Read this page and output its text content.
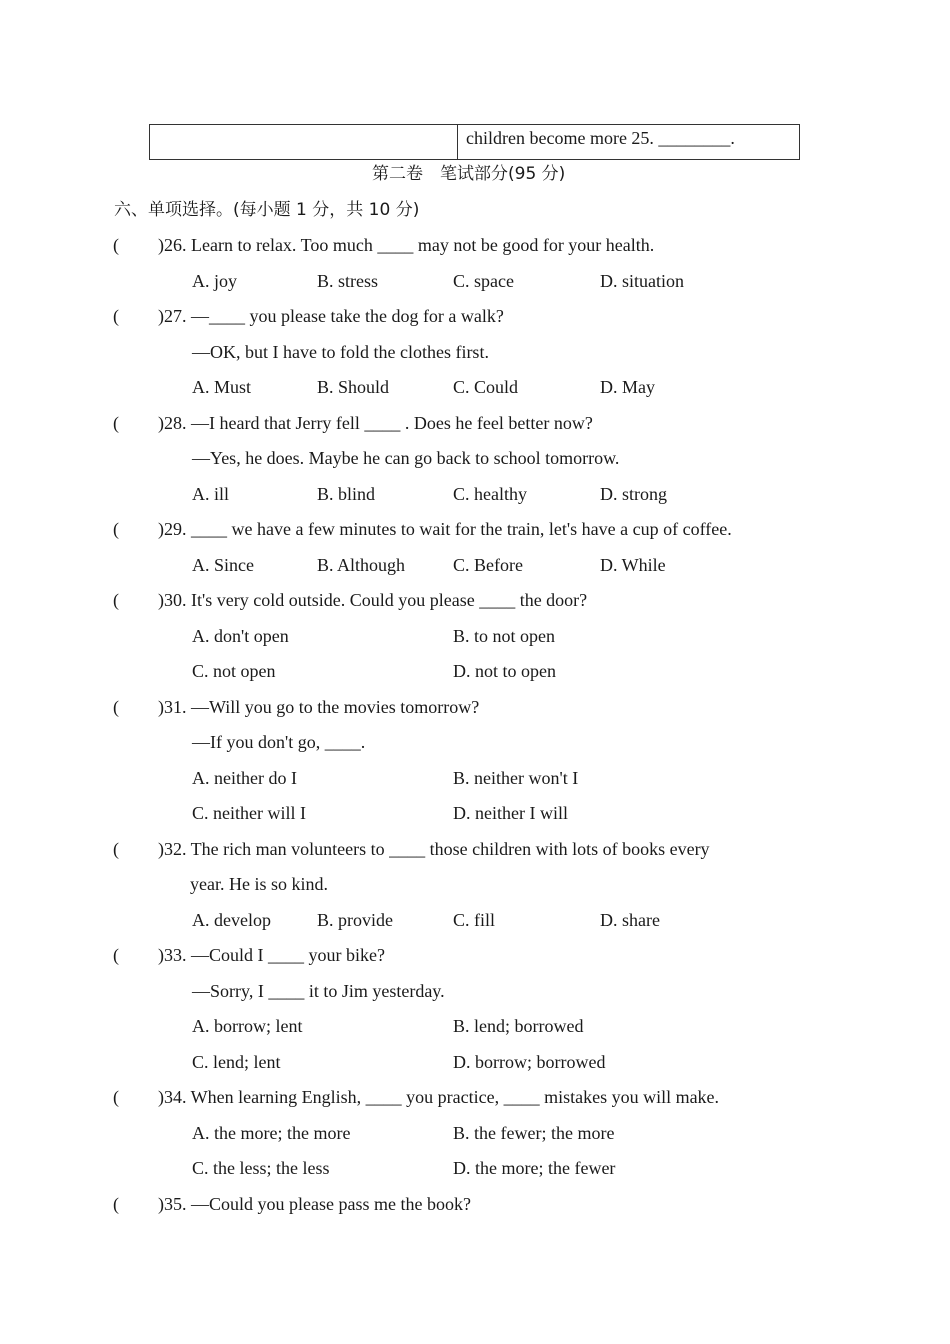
children become more 25. ________.
第二卷　笔试部分(95 分)
六、单项选择。(每小题 1 分，共 10 分)
( )26. Learn to relax. Too much ____ may not be good for your health.
A. joy	B. stress	C. space	D. situation
( )27. —____ you please take the dog for a walk?
—OK, but I have to fold the clothes first.
A. Must	B. Should	C. Could	D. May
( )28. —I heard that Jerry fell ____ . Does he feel better now?
—Yes, he does. Maybe he can go back to school tomorrow.
A. ill	B. blind	C. healthy	D. strong
( )29. ____ we have a few minutes to wait for the train, let's have a cup of coffee.
A. Since	B. Although	C. Before	D. While
( )30. It's very cold outside. Could you please ____ the door?
A. don't open	B. to not open
C. not open	D. not to open
( )31. —Will you go to the movies tomorrow?
—If you don't go, ____.
A. neither do I	B. neither won't I
C. neither will I	D. neither I will
( )32. The rich man volunteers to ____ those children with lots of books every
year. He is so kind.
A. develop	B. provide	C. fill	D. share
( )33. —Could I ____ your bike?
—Sorry, I ____ it to Jim yesterday.
A. borrow; lent	B. lend; borrowed
C. lend; lent	D. borrow; borrowed
( )34. When learning English, ____ you practice, ____ mistakes you will make.
A. the more; the more	B. the fewer; the more
C. the less; the less	D. the more; the fewer
( )35. —Could you please pass me the book?
